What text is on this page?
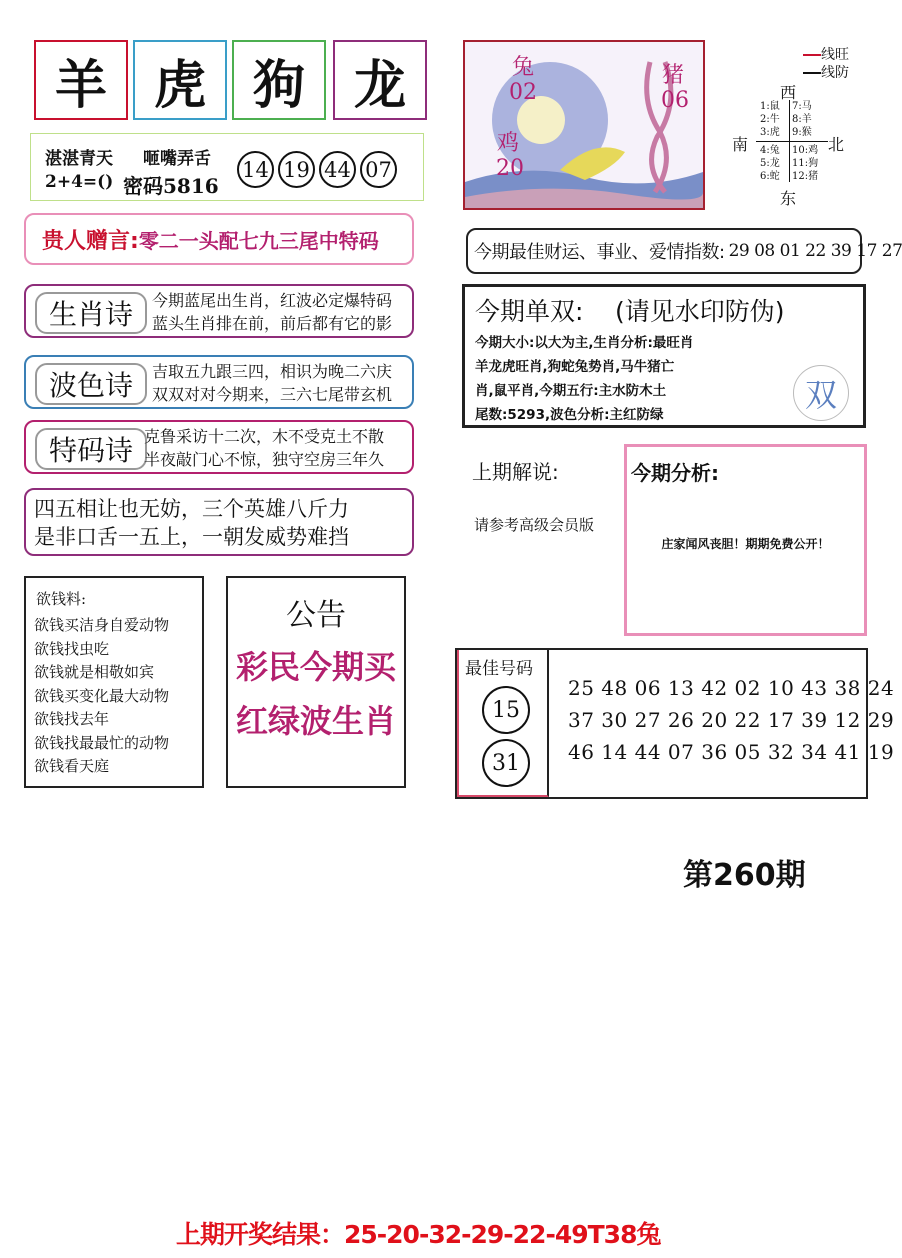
羊 虎 狗 龙
湛湛青天 咂嘴弄舌
2+4=() 密码5816
14 19 44 07
贵人赠言: 零二一头配七九三尾中特码
生肖诗	今期蓝尾出生肖，红波必定爆特码
蓝头生肖排在前，前后都有它的影
波色诗	吉取五九跟三四，相识为晚二六庆
双双对对今期来，三六七尾带玄机
特码诗 克鲁采访十二次，木不受克土不散
半夜敲门心不惊，独守空房三年久
四五相让也无妨，三个英雄八斤力
是非口舌一五上，一朝发威势难挡
欲钱料:
欲钱买洁身自爱动物
欲钱找虫吃
欲钱就是相敬如宾
欲钱买变化最大动物
欲钱找去年
欲钱找最最忙的动物
欲钱看天庭
公告
彩民今期买
红绿波生肖
兔
02
猪
06
鸡
20
线旺
线防
西
南	北
东
1:鼠
2:牛
3:虎
7:马
8:羊
9:猴
4:兔
5:龙
6:蛇
10:鸡
11:狗
12:猪
今期最佳财运、事业、爱情指数: 29 08 01 22 39 17 27
今期单双: (请见水印防伪)
双
今期大小:以大为主,生肖分析:最旺肖
羊龙虎旺肖,狗蛇兔势肖,马牛猪亡
肖,鼠平肖,今期五行:主水防木土
尾数:5293,波色分析:主红防绿
上期解说:
请参考高级会员版
今期分析:
庄家闻风丧胆！期期免费公开！
最佳号码
15
31
25 48 06 13 42 02 10 43 38 24
37 30 27 26 20 22 17 39 12 29
46 14 44 07 36 05 32 34 41 19
第260期
上期开奖结果：25-20-32-29-22-49T38兔
